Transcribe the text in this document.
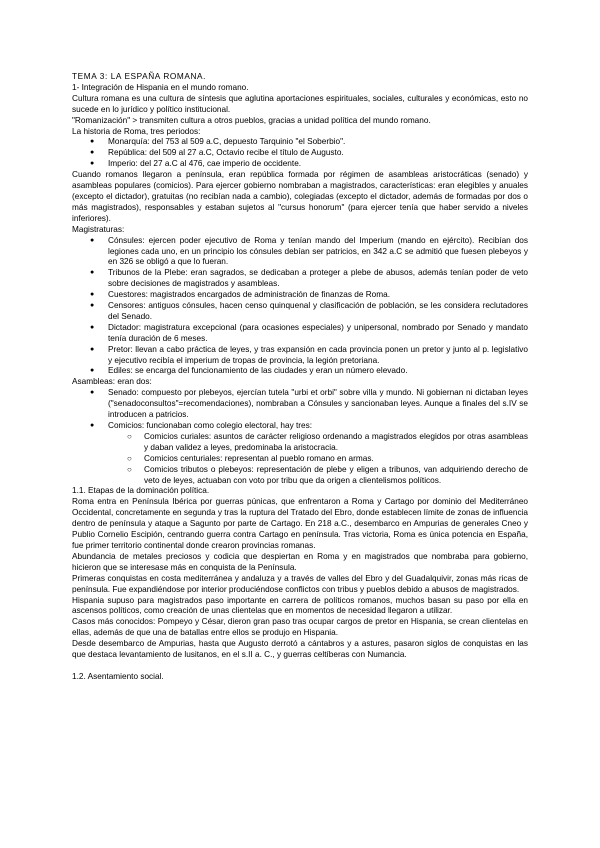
TEMA 3: LA ESPAÑA ROMANA.

1- Integración de Hispania en el mundo romano.

Cultura romana es una cultura de síntesis que aglutina aportaciones espirituales, sociales, culturales y económicas, esto no sucede en lo jurídico y político institucional.

"Romanización" > transmiten cultura a otros pueblos, gracias a unidad política del mundo romano.

La historia de Roma, tres periodos:

● Monarquía: del 753 al 509 a.C, depuesto Tarquinio "el Soberbio".
● República: del 509 al 27 a.C, Octavio recibe el título de Augusto.
● Imperio: del 27 a.C al 476, cae imperio de occidente.

Cuando romanos llegaron a península, eran república formada por régimen de asambleas aristocráticas (senado) y asambleas populares (comicios). Para ejercer gobierno nombraban a magistrados, características: eran elegibles y anuales (excepto el dictador), gratuitas (no recibían nada a cambio), colegiadas (excepto el dictador, además de formadas por dos o más magistrados), responsables y estaban sujetos al "cursus honorum" (para ejercer tenía que haber servido a niveles inferiores).

Magistraturas:

● Cónsules: ejercen poder ejecutivo de Roma y tenían mando del Imperium (mando en ejército). Recibían dos legiones cada uno, en un principio los cónsules debían ser patricios, en 342 a.C se admitió que fuesen plebeyos y en 326 se obligó a que lo fueran.
● Tribunos de la Plebe: eran sagrados, se dedicaban a proteger a plebe de abusos, además tenían poder de veto sobre decisiones de magistrados y asambleas.
● Cuestores: magistrados encargados de administración de finanzas de Roma.
● Censores: antiguos cónsules, hacen censo quinquenal y clasificación de población, se les considera reclutadores del Senado.
● Dictador: magistratura excepcional (para ocasiones especiales) y unipersonal, nombrado por Senado y mandato tenía duración de 6 meses.
● Pretor: llevan a cabo práctica de leyes, y tras expansión en cada provincia ponen un pretor y junto al p. legislativo y ejecutivo recibía el imperium de tropas de provincia, la legión pretoriana.
● Ediles: se encarga del funcionamiento de las ciudades y eran un número elevado.

Asambleas: eran dos:

● Senado: compuesto por plebeyos, ejercían tutela "urbi et orbi" sobre villa y mundo. Ni gobiernan ni dictaban leyes ("senadoconsultos"=recomendaciones), nombraban a Cónsules y sancionaban leyes. Aunque a finales del s.IV se introducen a patricios.
● Comicios: funcionaban como colegio electoral, hay tres:
○ Comicios curiales: asuntos de carácter religioso ordenando a magistrados elegidos por otras asambleas y daban validez a leyes, predominaba la aristocracia.
○ Comicios centuriales: representan al pueblo romano en armas.
○ Comicios tributos o plebeyos: representación de plebe y eligen a tribunos, van adquiriendo derecho de veto de leyes, actuaban con voto por tribu que da origen a clientelismos políticos.

1.1. Etapas de la dominación política.

Roma entra en Península Ibérica por guerras púnicas, que enfrentaron a Roma y Cartago por dominio del Mediterráneo Occidental, concretamente en segunda y tras la ruptura del Tratado del Ebro, donde establecen límite de zonas de influencia dentro de península y ataque a Sagunto por parte de Cartago. En 218 a.C., desembarco en Ampurias de generales Cneo y Publio Cornelio Escipión, centrando guerra contra Cartago en península. Tras victoria, Roma es única potencia en España, fue primer territorio continental donde crearon provincias romanas.

Abundancia de metales preciosos y codicia que despiertan en Roma y en magistrados que nombraba para gobierno, hicieron que se interesase más en conquista de la Península.

Primeras conquistas en costa mediterránea y andaluza y a través de valles del Ebro y del Guadalquivir, zonas más ricas de península. Fue expandiéndose por interior produciéndose conflictos con tribus y pueblos debido a abusos de magistrados.

Hispania supuso para magistrados paso importante en carrera de políticos romanos, muchos basan su paso por ella en ascensos políticos, como creación de unas clientelas que en momentos de necesidad llegaron a utilizar.

Casos más conocidos: Pompeyo y César, dieron gran paso tras ocupar cargos de pretor en Hispania, se crean clientelas en ellas, además de que una de batallas entre ellos se produjo en Hispania.

Desde desembarco de Ampurias, hasta que Augusto derrotó a cántabros y a astures, pasaron siglos de conquistas en las que destaca levantamiento de lusitanos, en el s.II a. C., y guerras celtíberas con Numancia.

1.2. Asentamiento social.
